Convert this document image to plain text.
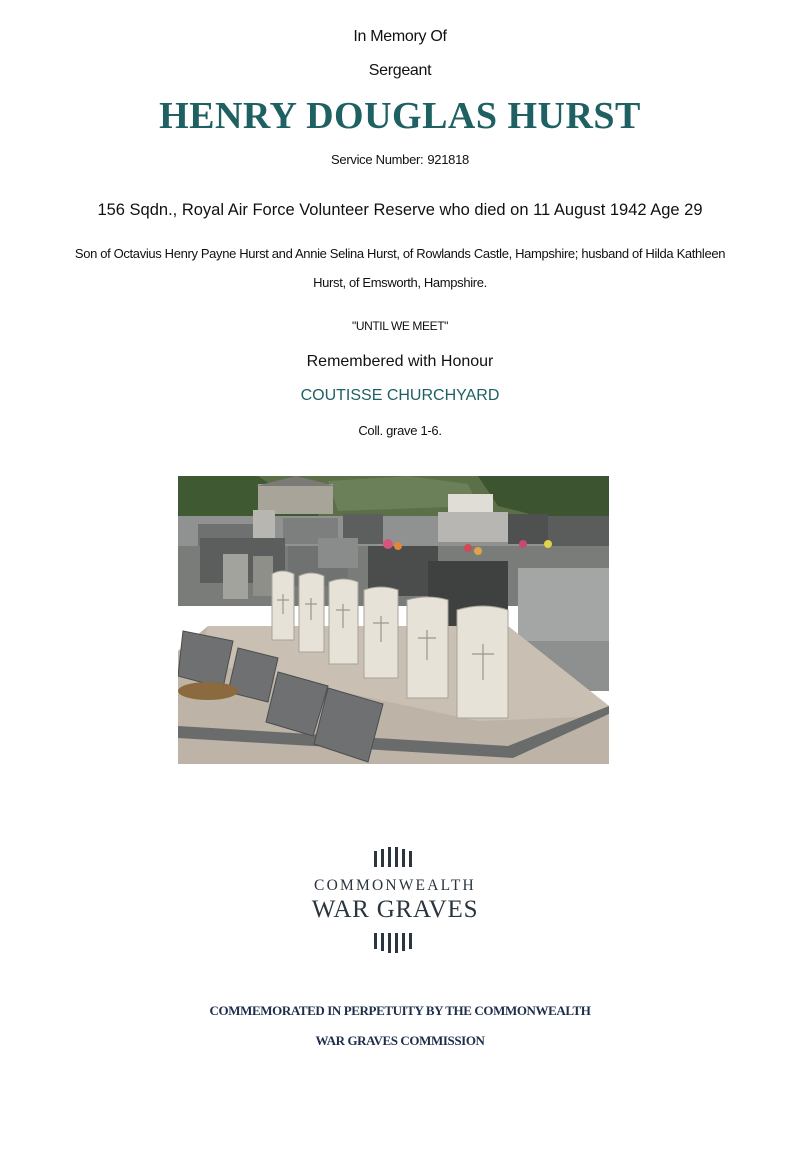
In Memory Of
Sergeant
HENRY DOUGLAS HURST
Service Number: 921818
156 Sqdn., Royal Air Force Volunteer Reserve who died on 11 August 1942 Age 29
Son of Octavius Henry Payne Hurst and Annie Selina Hurst, of Rowlands Castle, Hampshire; husband of Hilda Kathleen
Hurst, of Emsworth, Hampshire.
"UNTIL WE MEET"
Remembered with Honour
COUTISSE CHURCHYARD
Coll. grave 1-6.
COMMONWEALTH
WAR GRAVES
COMMEMORATED IN PERPETUITY BY THE COMMONWEALTH
WAR GRAVES COMMISSION
